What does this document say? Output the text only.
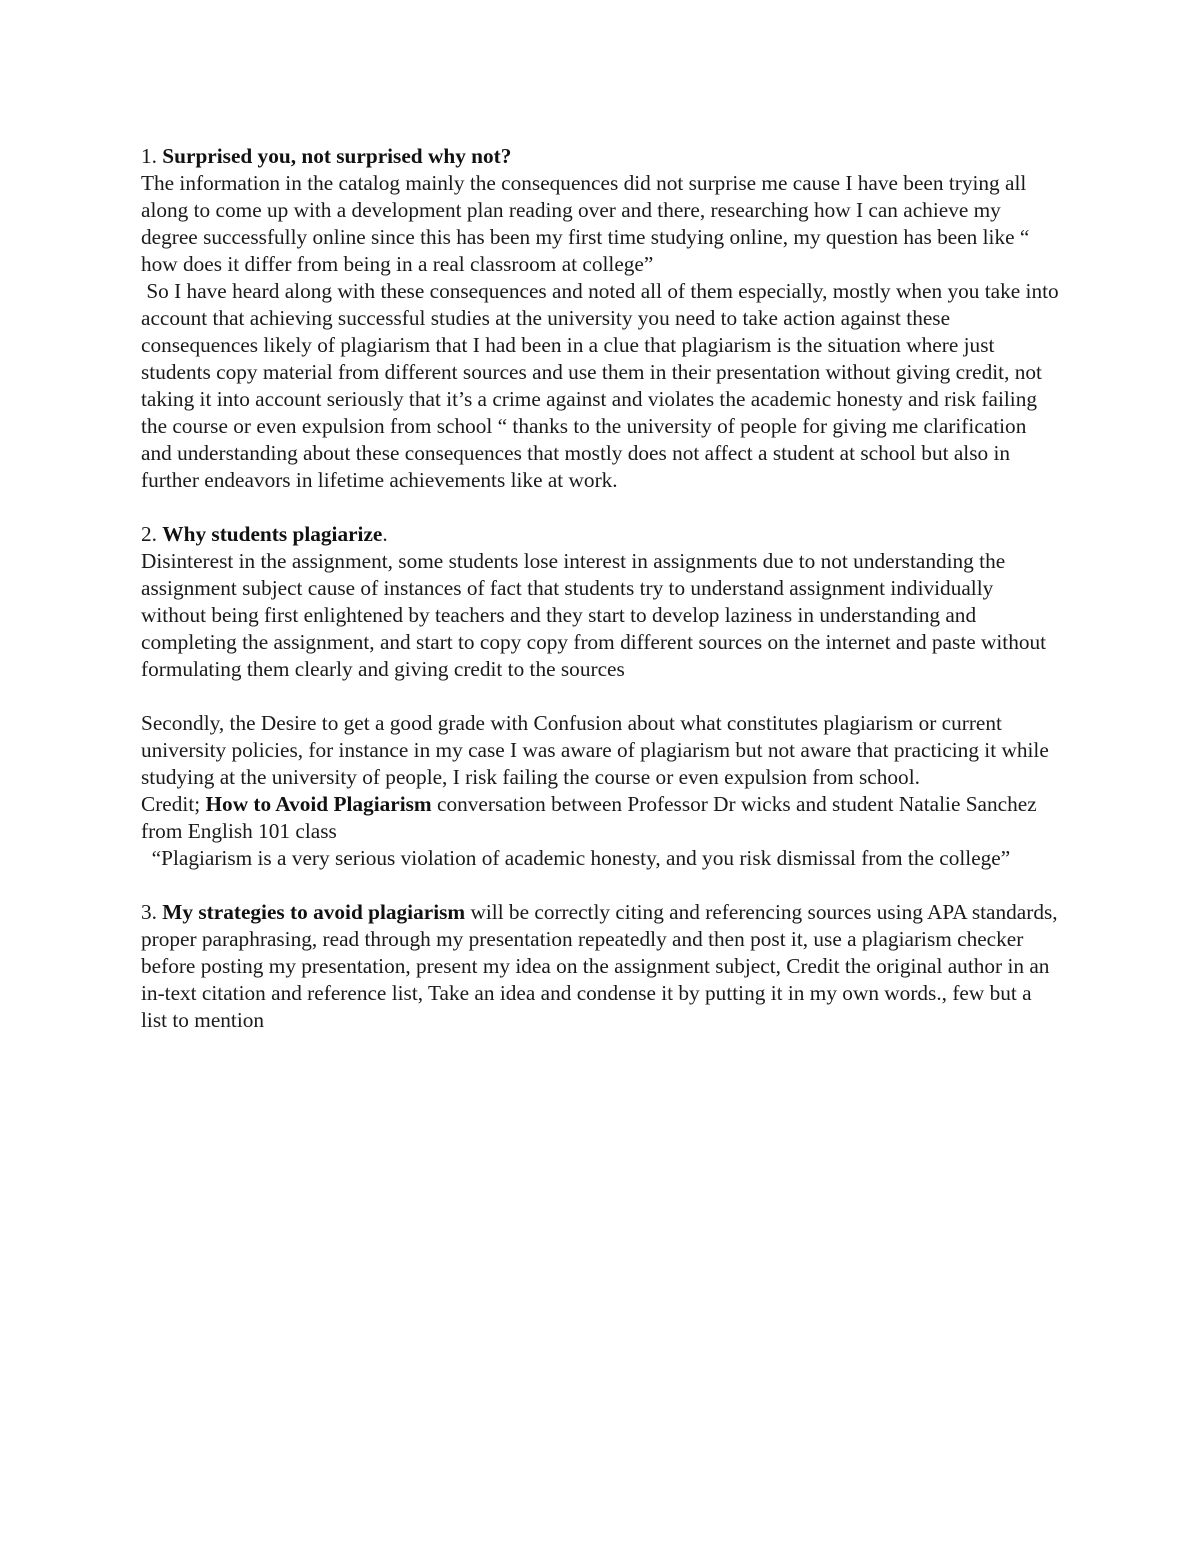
1. Surprised you, not surprised why not?

The information in the catalog mainly the consequences did not surprise me cause I have been trying all along to come up with a development plan reading over and there, researching how I can achieve my degree successfully online since this has been my first time studying online, my question has been like “ how does it differ from being in a real classroom at college”

So I have heard along with these consequences and noted all of them especially, mostly when you take into account that achieving successful studies at the university you need to take action against these consequences likely of plagiarism that I had been in a clue that plagiarism is the situation where just students copy material from different sources and use them in their presentation without giving credit, not taking it into account seriously that it’s a crime against and violates the academic honesty and risk failing the course or even expulsion from school “ thanks to the university of people for giving me clarification and understanding about these consequences that mostly does not affect a student at school but also in further endeavors in lifetime achievements like at work.

2. Why students plagiarize.

Disinterest in the assignment, some students lose interest in assignments due to not understanding the assignment subject cause of instances of fact that students try to understand assignment individually without being first enlightened by teachers and they start to develop laziness in understanding and completing the assignment, and start to copy copy from different sources on the internet and paste without formulating them clearly and giving credit to the sources

Secondly, the Desire to get a good grade with Confusion about what constitutes plagiarism or current university policies, for instance in my case I was aware of plagiarism but not aware that practicing it while studying at the university of people, I risk failing the course or even expulsion from school.

Credit; How to Avoid Plagiarism conversation between Professor Dr wicks and student Natalie Sanchez from English 101 class

“Plagiarism is a very serious violation of academic honesty, and you risk dismissal from the college”

3. My strategies to avoid plagiarism will be correctly citing and referencing sources using APA standards, proper paraphrasing, read through my presentation repeatedly and then post it, use a plagiarism checker before posting my presentation, present my idea on the assignment subject, Credit the original author in an in-text citation and reference list, Take an idea and condense it by putting it in my own words., few but a list to mention
